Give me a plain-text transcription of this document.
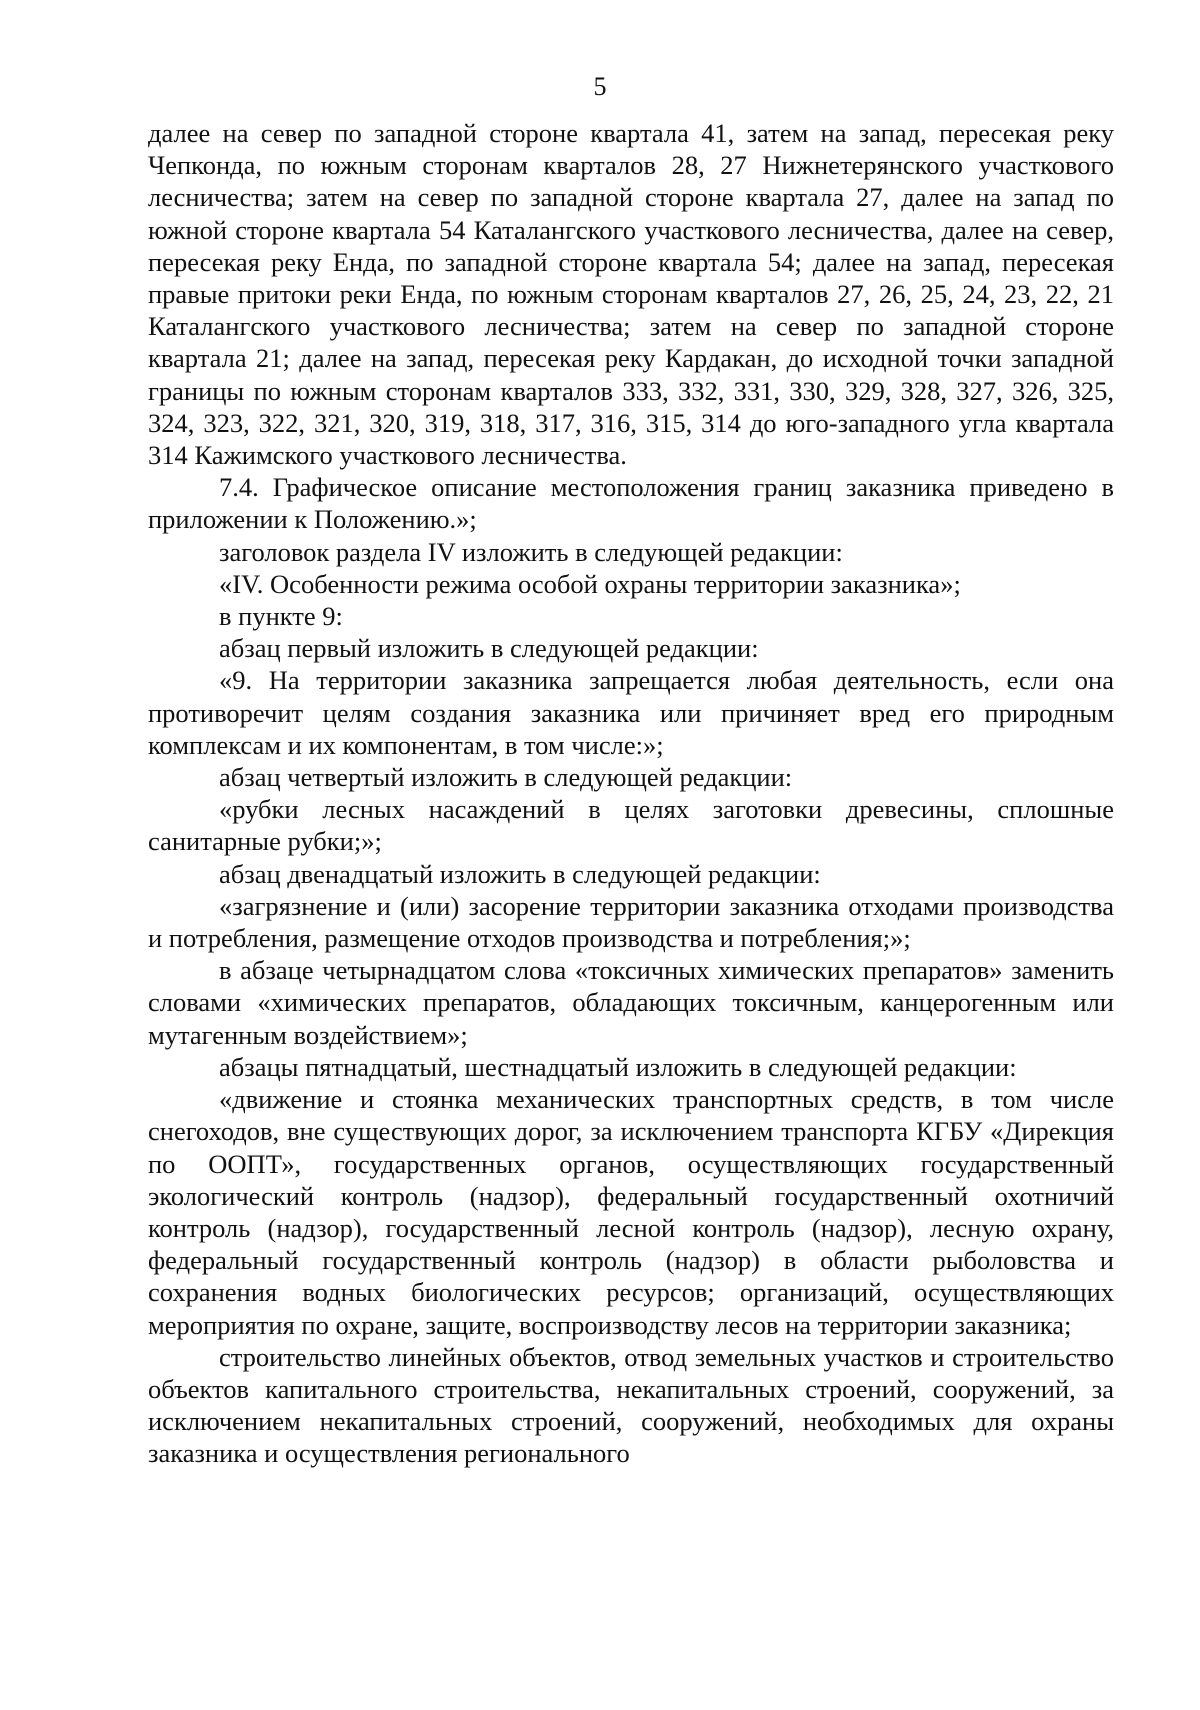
5

далее на север по западной стороне квартала 41, затем на запад, пересекая реку Чепконда, по южным сторонам кварталов 28, 27 Нижнетерянского участкового лесничества; затем на север по западной стороне квартала 27, далее на запад по южной стороне квартала 54 Каталангского участкового лесничества, далее на север, пересекая реку Енда, по западной стороне квартала 54; далее на запад, пересекая правые притоки реки Енда, по южным сторонам кварталов 27, 26, 25, 24, 23, 22, 21 Каталангского участкового лесничества; затем на север по западной стороне квартала 21; далее на запад, пересекая реку Кардакан, до исходной точки западной границы по южным сторонам кварталов 333, 332, 331, 330, 329, 328, 327, 326, 325, 324, 323, 322, 321, 320, 319, 318, 317, 316, 315, 314 до юго-западного угла квартала 314 Кажимского участкового лесничества.

7.4. Графическое описание местоположения границ заказника приведено в приложении к Положению.»;

заголовок раздела IV изложить в следующей редакции:

«IV. Особенности режима особой охраны территории заказника»;

в пункте 9:

абзац первый изложить в следующей редакции:

«9. На территории заказника запрещается любая деятельность, если она противоречит целям создания заказника или причиняет вред его природным комплексам и их компонентам, в том числе:»;

абзац четвертый изложить в следующей редакции:

«рубки лесных насаждений в целях заготовки древесины, сплошные санитарные рубки;»;

абзац двенадцатый изложить в следующей редакции:

«загрязнение и (или) засорение территории заказника отходами производства и потребления, размещение отходов производства и потребления;»;

в абзаце четырнадцатом слова «токсичных химических препаратов» заменить словами «химических препаратов, обладающих токсичным, канцерогенным или мутагенным воздействием»;

абзацы пятнадцатый, шестнадцатый изложить в следующей редакции:

«движение и стоянка механических транспортных средств, в том числе снегоходов, вне существующих дорог, за исключением транспорта КГБУ «Дирекция по ООПТ», государственных органов, осуществляющих государственный экологический контроль (надзор), федеральный государственный охотничий контроль (надзор), государственный лесной контроль (надзор), лесную охрану, федеральный государственный контроль (надзор) в области рыболовства и сохранения водных биологических ресурсов; организаций, осуществляющих мероприятия по охране, защите, воспроизводству лесов на территории заказника;

строительство линейных объектов, отвод земельных участков и строительство объектов капитального строительства, некапитальных строений, сооружений, за исключением некапитальных строений, сооружений, необходимых для охраны заказника и осуществления регионального
